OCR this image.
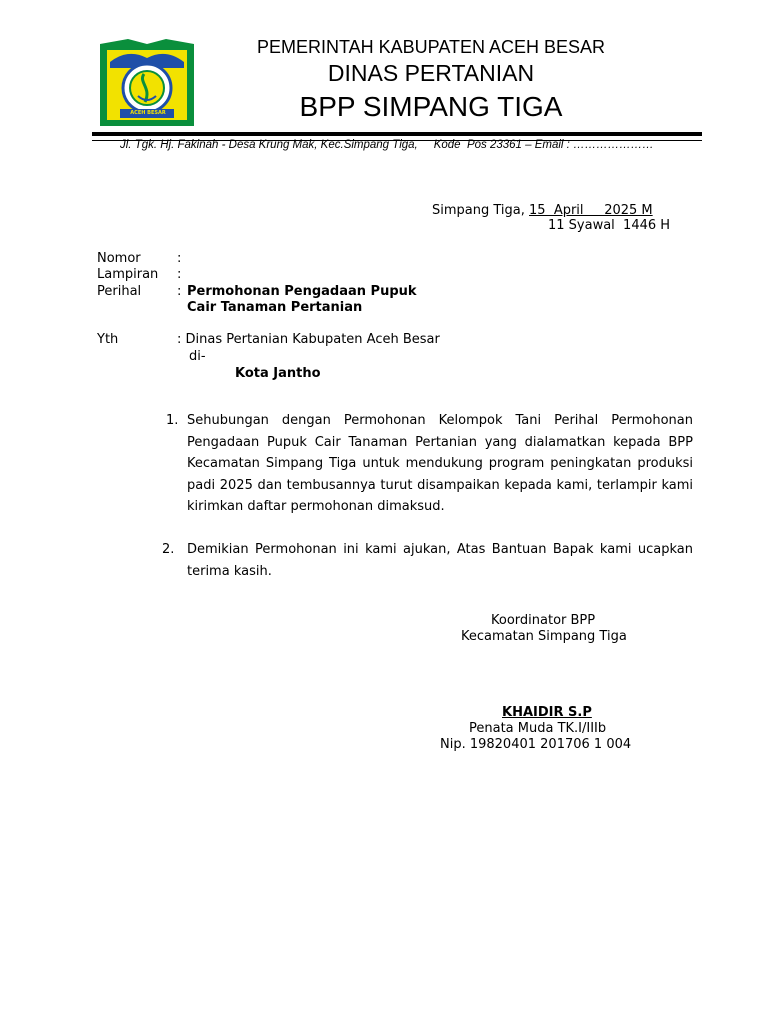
ACEH BESAR
PEMERINTAH KABUPATEN ACEH BESAR
DINAS PERTANIAN
BPP SIMPANG TIGA
Jl. Tgk. Hj. Fakinah - Desa Krung Mak, Kec.Simpang Tiga,     Kode  Pos 23361 – Email : …………………
Simpang Tiga, 15  April     2025 M
11 Syawal  1446 H
Nomor	:
Lampiran :
Perihal	: Permohonan Pengadaan Pupuk
Cair Tanaman Pertanian
Yth	: Dinas Pertanian Kabupaten Aceh Besar
di-
Kota Jantho
1. Sehubungan dengan Permohonan Kelompok Tani Perihal Permohonan Pengadaan Pupuk Cair Tanaman Pertanian yang dialamatkan kepada BPP Kecamatan Simpang Tiga untuk mendukung program peningkatan produksi padi 2025 dan tembusannya turut disampaikan kepada kami, terlampir kami kirimkan daftar permohonan dimaksud.
2. Demikian Permohonan ini kami ajukan, Atas Bantuan Bapak kami ucapkan terima kasih.
Koordinator BPP
Kecamatan Simpang Tiga
KHAIDIR S.P
Penata Muda TK.I/IIIb
Nip. 19820401 201706 1 004
